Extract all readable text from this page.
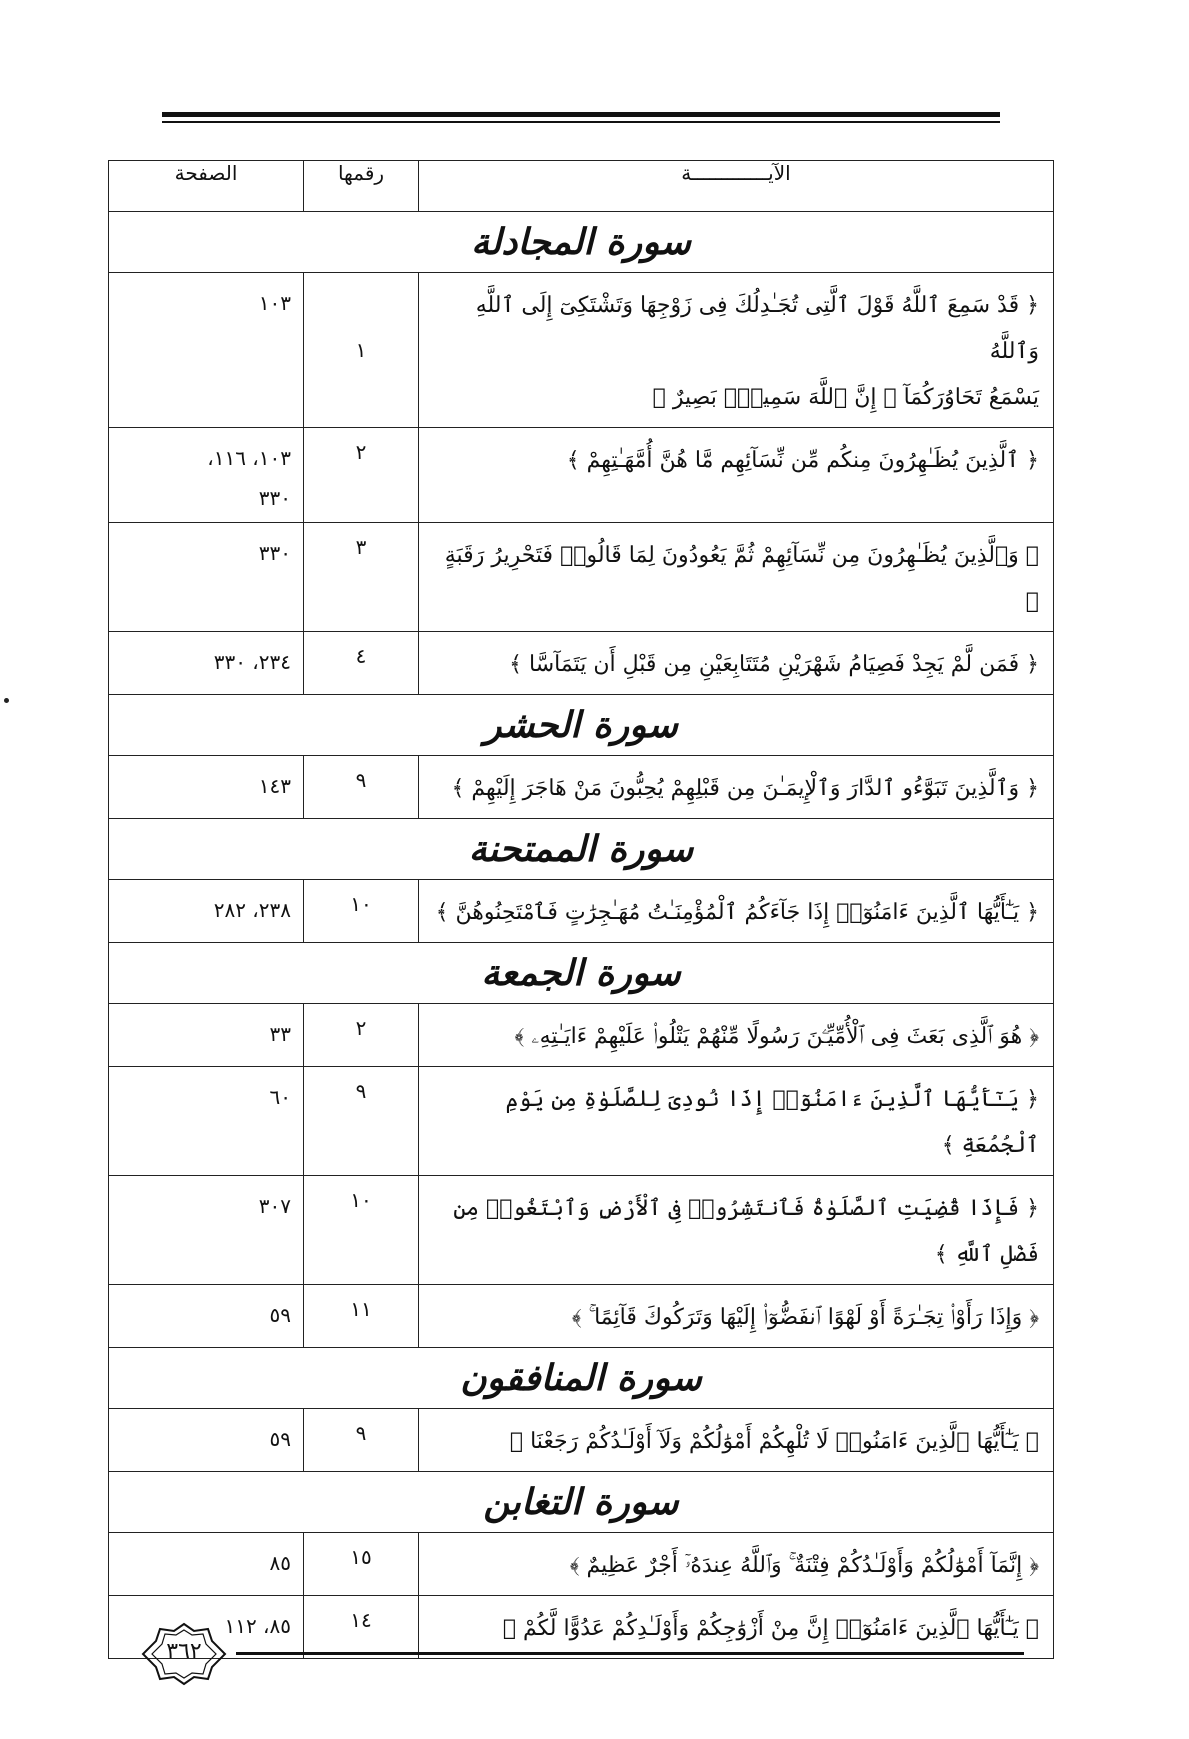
الآيـــــــــــــة	رقمها	الصفحة
سورة المجادلة		

﴿ قَدْ سَمِعَ ٱللَّهُ قَوْلَ ٱلَّتِى تُجَـٰدِلُكَ فِى زَوْجِهَا وَتَشْتَكِىٓ إِلَى ٱللَّهِ وَٱللَّهُ
يَسْمَعُ تَحَاوُرَكُمَآ ۚ إِنَّ ٱللَّهَ سَمِيعٌۢ بَصِيرٌ ﴾	١	١٠٣

﴿ ٱلَّذِينَ يُظَـٰهِرُونَ مِنكُم مِّن نِّسَآئِهِم مَّا هُنَّ أُمَّهَـٰتِهِمْ ﴾	٢	١٠٣، ١١٦،
٣٣٠

﴿ وَٱلَّذِينَ يُظَـٰهِرُونَ مِن نِّسَآئِهِمْ ثُمَّ يَعُودُونَ لِمَا قَالُوا۟ فَتَحْرِيرُ رَقَبَةٍ ﴾	٣	٣٣٠

﴿ فَمَن لَّمْ يَجِدْ فَصِيَامُ شَهْرَيْنِ مُتَتَابِعَيْنِ مِن قَبْلِ أَن يَتَمَآسَّا ﴾	٤	٢٣٤، ٣٣٠

سورة الحشر		

﴿ وَٱلَّذِينَ تَبَوَّءُو ٱلدَّارَ وَٱلْإِيمَـٰنَ مِن قَبْلِهِمْ يُحِبُّونَ مَنْ هَاجَرَ إِلَيْهِمْ ﴾	٩	١٤٣

سورة الممتحنة		

﴿ يَـٰٓأَيُّهَا ٱلَّذِينَ ءَامَنُوٓا۟ إِذَا جَآءَكُمُ ٱلْمُؤْمِنَـٰتُ مُهَـٰجِرَٰتٍ فَٱمْتَحِنُوهُنَّ ﴾	١٠	٢٣٨، ٢٨٢

سورة الجمعة		

﴿ هُوَ ٱلَّذِى بَعَثَ فِى ٱلْأُمِّيِّـۧنَ رَسُولًا مِّنْهُمْ يَتْلُوا۟ عَلَيْهِمْ ءَايَـٰتِهِۦ ﴾	٢	٣٣

﴿ يَـٰٓأَيُّهَا ٱلَّذِينَ ءَامَنُوٓا۟ إِذَا نُودِىَ لِلصَّلَوٰةِ مِن يَوْمِ ٱلْجُمُعَةِ ﴾	٩	٦٠

﴿ فَإِذَا قُضِيَتِ ٱلصَّلَوٰةُ فَٱنتَشِرُوا۟ فِى ٱلْأَرْضِ وَٱبْتَغُوا۟ مِن فَضْلِ ٱللَّهِ ﴾	١٠	٣٠٧

﴿ وَإِذَا رَأَوْا۟ تِجَـٰرَةً أَوْ لَهْوًا ٱنفَضُّوٓا۟ إِلَيْهَا وَتَرَكُوكَ قَآئِمًا ۚ ﴾	١١	٥٩

سورة المنافقون		

﴿ يَـٰٓأَيُّهَا ٱلَّذِينَ ءَامَنُوا۟ لَا تُلْهِكُمْ أَمْوَٰلُكُمْ وَلَآ أَوْلَـٰدُكُمْ رَجَعْنَا ﴾	٩	٥٩

سورة التغابن		

﴿ إِنَّمَآ أَمْوَٰلُكُمْ وَأَوْلَـٰدُكُمْ فِتْنَةٌ ۚ وَٱللَّهُ عِندَهُۥٓ أَجْرٌ عَظِيمٌ ﴾	١٥	٨٥

﴿ يَـٰٓأَيُّهَا ٱلَّذِينَ ءَامَنُوٓا۟ إِنَّ مِنْ أَزْوَٰجِكُمْ وَأَوْلَـٰدِكُمْ عَدُوًّا لَّكُمْ ﴾	١٤	٨٥، ١١٢
٣٦٢
